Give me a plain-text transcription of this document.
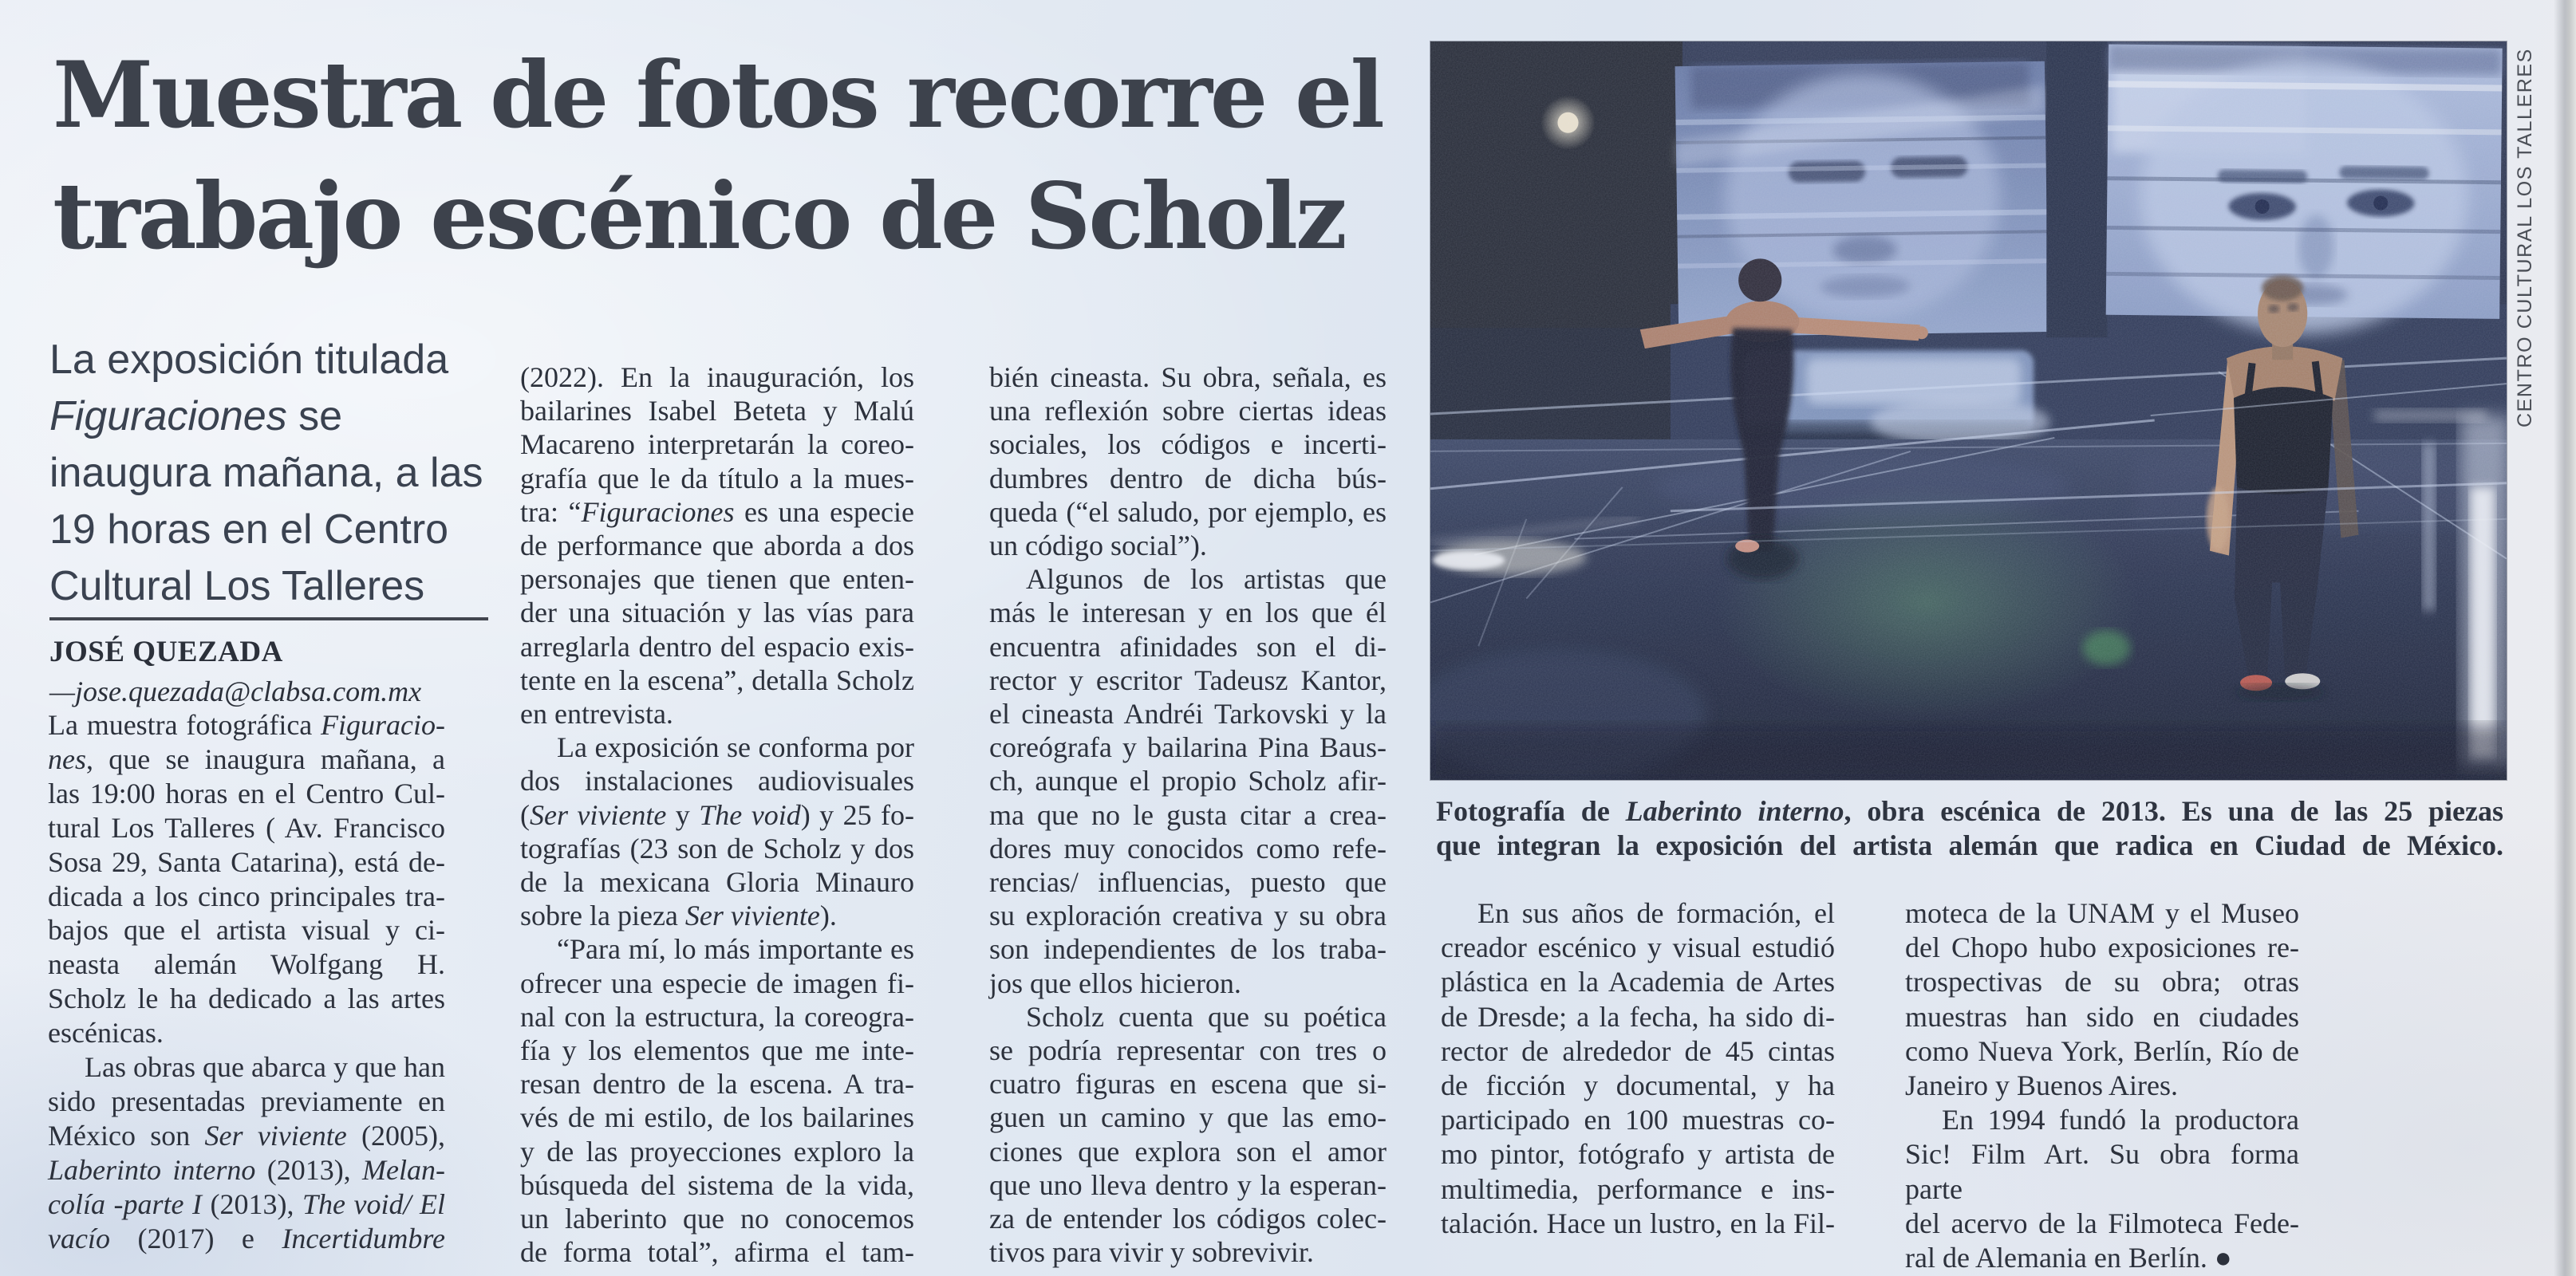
Muestra de fotos recorre el
trabajo escénico de Scholz
La exposición titulada
Figuraciones se
inaugura mañana, a las
19 horas en el Centro
Cultural Los Talleres
JOSÉ QUEZADA
—jose.quezada@clabsa.com.mx
La muestra fotográfica Figuracio-
nes, que se inaugura mañana, a
las 19:00 horas en el Centro Cul-
tural Los Talleres ( Av. Francisco
Sosa 29, Santa Catarina), está de-
dicada a los cinco principales tra-
bajos que el artista visual y ci-
neasta alemán Wolfgang H.
Scholz le ha dedicado a las artes
escénicas.
Las obras que abarca y que han
sido presentadas previamente en
México son Ser viviente (2005),
Laberinto interno (2013), Melan-
colía -parte I (2013), The void/ El
vacío (2017) e Incertidumbre
(2022). En la inauguración, los
bailarines Isabel Beteta y Malú
Macareno interpretarán la coreo-
grafía que le da título a la mues-
tra: “Figuraciones es una especie
de performance que aborda a dos
personajes que tienen que enten-
der una situación y las vías para
arreglarla dentro del espacio exis-
tente en la escena”, detalla Scholz
en entrevista.
La exposición se conforma por
dos instalaciones audiovisuales
(Ser viviente y The void) y 25 fo-
tografías (23 son de Scholz y dos
de la mexicana Gloria Minauro
sobre la pieza Ser viviente).
“Para mí, lo más importante es
ofrecer una especie de imagen fi-
nal con la estructura, la coreogra-
fía y los elementos que me inte-
resan dentro de la escena. A tra-
vés de mi estilo, de los bailarines
y de las proyecciones exploro la
búsqueda del sistema de la vida,
un laberinto que no conocemos
de forma total”, afirma el tam-
bién cineasta. Su obra, señala, es
una reflexión sobre ciertas ideas
sociales, los códigos e incerti-
dumbres dentro de dicha bús-
queda (“el saludo, por ejemplo, es
un código social”).
Algunos de los artistas que
más le interesan y en los que él
encuentra afinidades son el di-
rector y escritor Tadeusz Kantor,
el cineasta Andréi Tarkovski y la
coreógrafa y bailarina Pina Baus-
ch, aunque el propio Scholz afir-
ma que no le gusta citar a crea-
dores muy conocidos como refe-
rencias/ influencias, puesto que
su exploración creativa y su obra
son independientes de los traba-
jos que ellos hicieron.
Scholz cuenta que su poética
se podría representar con tres o
cuatro figuras en escena que si-
guen un camino y que las emo-
ciones que explora son el amor
que uno lleva dentro y la esperan-
za de entender los códigos colec-
tivos para vivir y sobrevivir.
Fotografía de Laberinto interno, obra escénica de 2013. Es una de las 25 piezas
que integran la exposición del artista alemán que radica en Ciudad de México.
En sus años de formación, el
creador escénico y visual estudió
plástica en la Academia de Artes
de Dresde; a la fecha, ha sido di-
rector de alrededor de 45 cintas
de ficción y documental, y ha
participado en 100 muestras co-
mo pintor, fotógrafo y artista de
multimedia, performance e ins-
talación. Hace un lustro, en la Fil-
moteca de la UNAM y el Museo
del Chopo hubo exposiciones re-
trospectivas de su obra; otras
muestras han sido en ciudades
como Nueva York, Berlín, Río de
Janeiro y Buenos Aires.
En 1994 fundó la productora
Sic! Film Art. Su obra forma parte
del acervo de la Filmoteca Fede-
ral de Alemania en Berlín. ●
CENTRO CULTURAL LOS TALLERES
